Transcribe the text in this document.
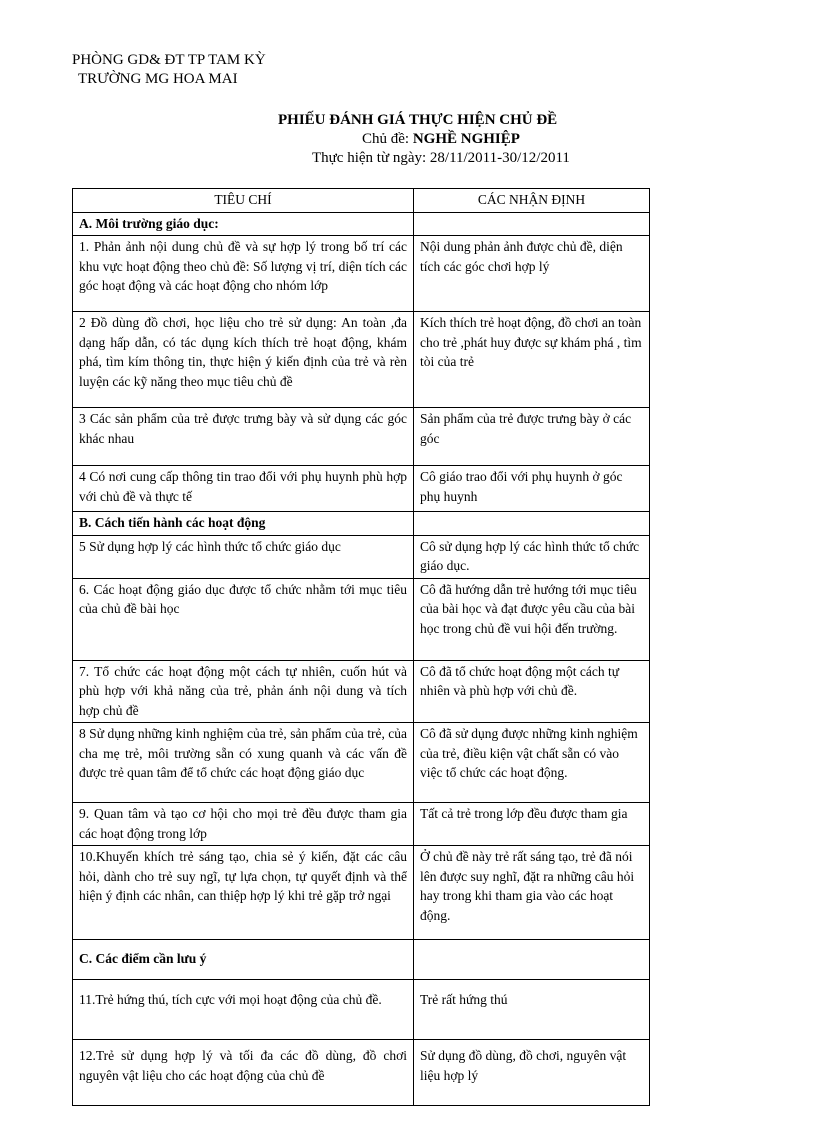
PHÒNG GD& ĐT TP TAM KỲ
TRƯỜNG MG HOA MAI
PHIẾU ĐÁNH GIÁ THỰC HIỆN CHỦ ĐỀ
Chủ đề: NGHỀ NGHIỆP
Thực hiện từ ngày: 28/11/2011-30/12/2011
TIÊU CHÍ	CÁC NHẬN ĐỊNH
A. Môi trường giáo dục:	
1. Phản ảnh nội dung chủ đề và sự hợp lý trong bố trí các khu vực hoạt động theo chủ đề: Số lượng vị trí, diện tích các góc hoạt động và các hoạt động cho nhóm lớp	Nội dung phản ảnh được chủ đề, diện tích các góc chơi hợp lý
2 Đồ dùng đồ chơi, học liệu cho trẻ sử dụng: An toàn ,đa dạng hấp dẫn, có tác dụng kích thích trẻ hoạt động, khám phá, tìm kím thông tin, thực hiện ý kiến định của trẻ và rèn luyện các kỹ năng theo mục tiêu chủ đề	Kích thích trẻ hoạt động, đồ chơi an toàn cho trẻ ,phát huy được sự khám phá , tìm tòi của trẻ
3 Các sản phẩm của trẻ được trưng bày và sử dụng các góc khác nhau	Sản phẩm của trẻ được trưng bày ở các góc
4 Có nơi cung cấp thông tin trao đổi với phụ huynh phù hợp với chủ đề và thực tế	Cô giáo trao đổi với phụ huynh ở góc phụ huynh
B. Cách tiến hành các hoạt động	
5 Sử dụng hợp lý các hình thức tổ chức giáo dục	Cô sử dụng hợp lý các hình thức tổ chức giáo dục.
6. Các hoạt động giáo dục được tổ chức nhằm tới mục tiêu của chủ đề bài học	Cô đã hướng dẫn trẻ hướng tới mục tiêu của bài học và đạt được yêu cầu của bài học trong chủ đề vui hội đến trường.
7. Tổ chức các hoạt động một cách tự nhiên, cuốn hút và phù hợp với khả năng của trẻ, phản ánh nội dung và tích hợp chủ đề	Cô đã tổ chức hoạt động một cách tự nhiên và phù hợp với chủ đề.
8 Sử dụng những kinh nghiệm của trẻ, sản phẩm của trẻ, của cha mẹ trẻ, môi trường sẵn có xung quanh và các vấn đề được trẻ quan tâm để tổ chức các hoạt động giáo dục	Cô đã sử dụng được những kinh nghiệm của trẻ, điều kiện vật chất sẵn có vào việc tổ chức các hoạt động.
9. Quan tâm và tạo cơ hội cho mọi trẻ đều được tham gia các hoạt động trong lớp	Tất cả trẻ trong lớp đều được tham gia
10.Khuyến khích trẻ sáng tạo, chia sẻ ý kiến, đặt các câu hỏi, dành cho trẻ suy ngĩ, tự lựa chọn, tự quyết định và thể hiện ý định các nhân, can thiệp hợp lý khi trẻ gặp trở ngại	Ở chủ đề này trẻ rất sáng tạo, trẻ đã nói lên được suy nghĩ, đặt ra những câu hỏi hay trong khi tham gia vào các hoạt động.
C. Các điểm cần lưu ý	
11.Trẻ hứng thú, tích cực với mọi hoạt động của chủ đề.	Trẻ rất hứng thú
12.Trẻ sử dụng hợp lý và tối đa các đồ dùng, đồ chơi nguyên vật liệu cho các hoạt động của chủ đề	Sử dụng đồ dùng, đồ chơi, nguyên vật liệu hợp lý
